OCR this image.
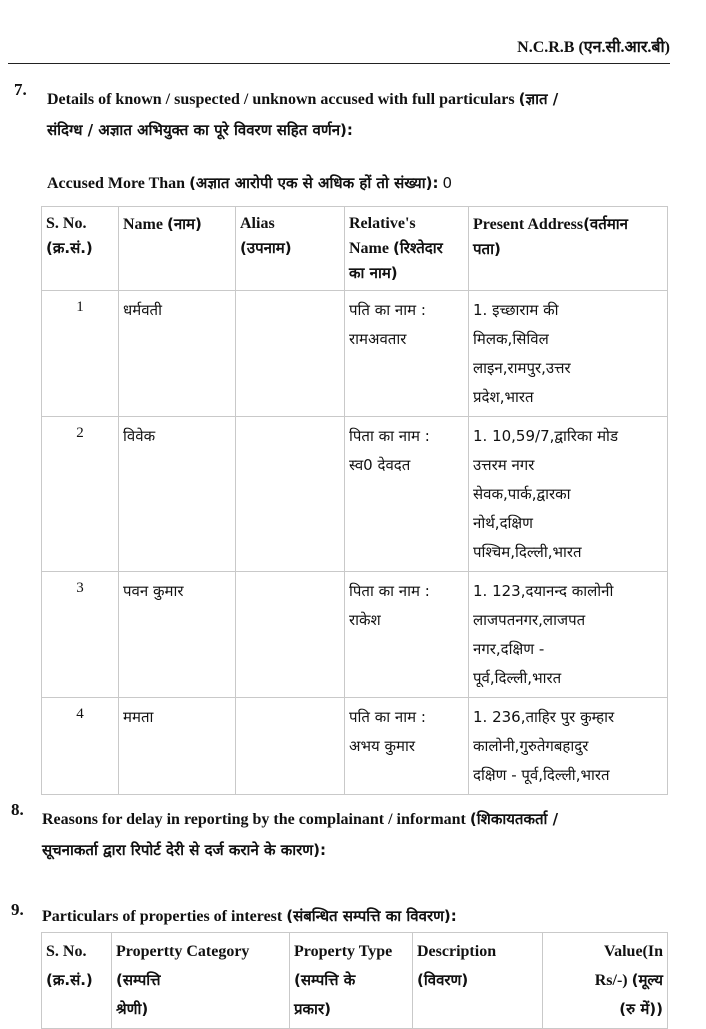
N.C.R.B (एन.सी.आर.बी)
7.
Details of known / suspected / unknown accused with full particulars (ज्ञात /
संदिग्ध / अज्ञात अभियुक्त का पूरे विवरण सहित वर्णन):
Accused More Than (अज्ञात आरोपी एक से अधिक हों तो संख्या): 0
S. No.
(क्र.सं.)	Name (नाम)	Alias
(उपनाम)	Relative's
Name (रिश्तेदार
का नाम)	Present Address(वर्तमान
पता)
1	धर्मवती		पति का नाम :
रामअवतार	1. इच्छाराम की
मिलक,सिविल
लाइन,रामपुर,उत्तर
प्रदेश,भारत
2	विवेक		पिता का नाम :
स्व0 देवदत	1. 10,59/7,द्वारिका मोड
उत्तरम नगर
सेवक,पार्क,द्वारका
नोर्थ,दक्षिण
पश्चिम,दिल्ली,भारत
3	पवन कुमार		पिता का नाम :
राकेश	1. 123,दयानन्द कालोनी
लाजपतनगर,लाजपत
नगर,दक्षिण -
पूर्व,दिल्ली,भारत
4	ममता		पति का नाम :
अभय कुमार	1. 236,ताहिर पुर कुम्हार
कालोनी,गुरुतेगबहादुर
दक्षिण - पूर्व,दिल्ली,भारत
8.
Reasons for delay in reporting by the complainant / informant (शिकायतकर्ता /
सूचनाकर्ता द्वारा रिपोर्ट देरी से दर्ज कराने के कारण):
9. Particulars of properties of interest (संबन्धित सम्पत्ति का विवरण):
S. No.
(क्र.सं.)	Propertty Category
(सम्पत्ति
श्रेणी)	Property Type
(सम्पत्ति के
प्रकार)	Description
(विवरण)	Value(In
Rs/-) (मूल्य
(रु में))
